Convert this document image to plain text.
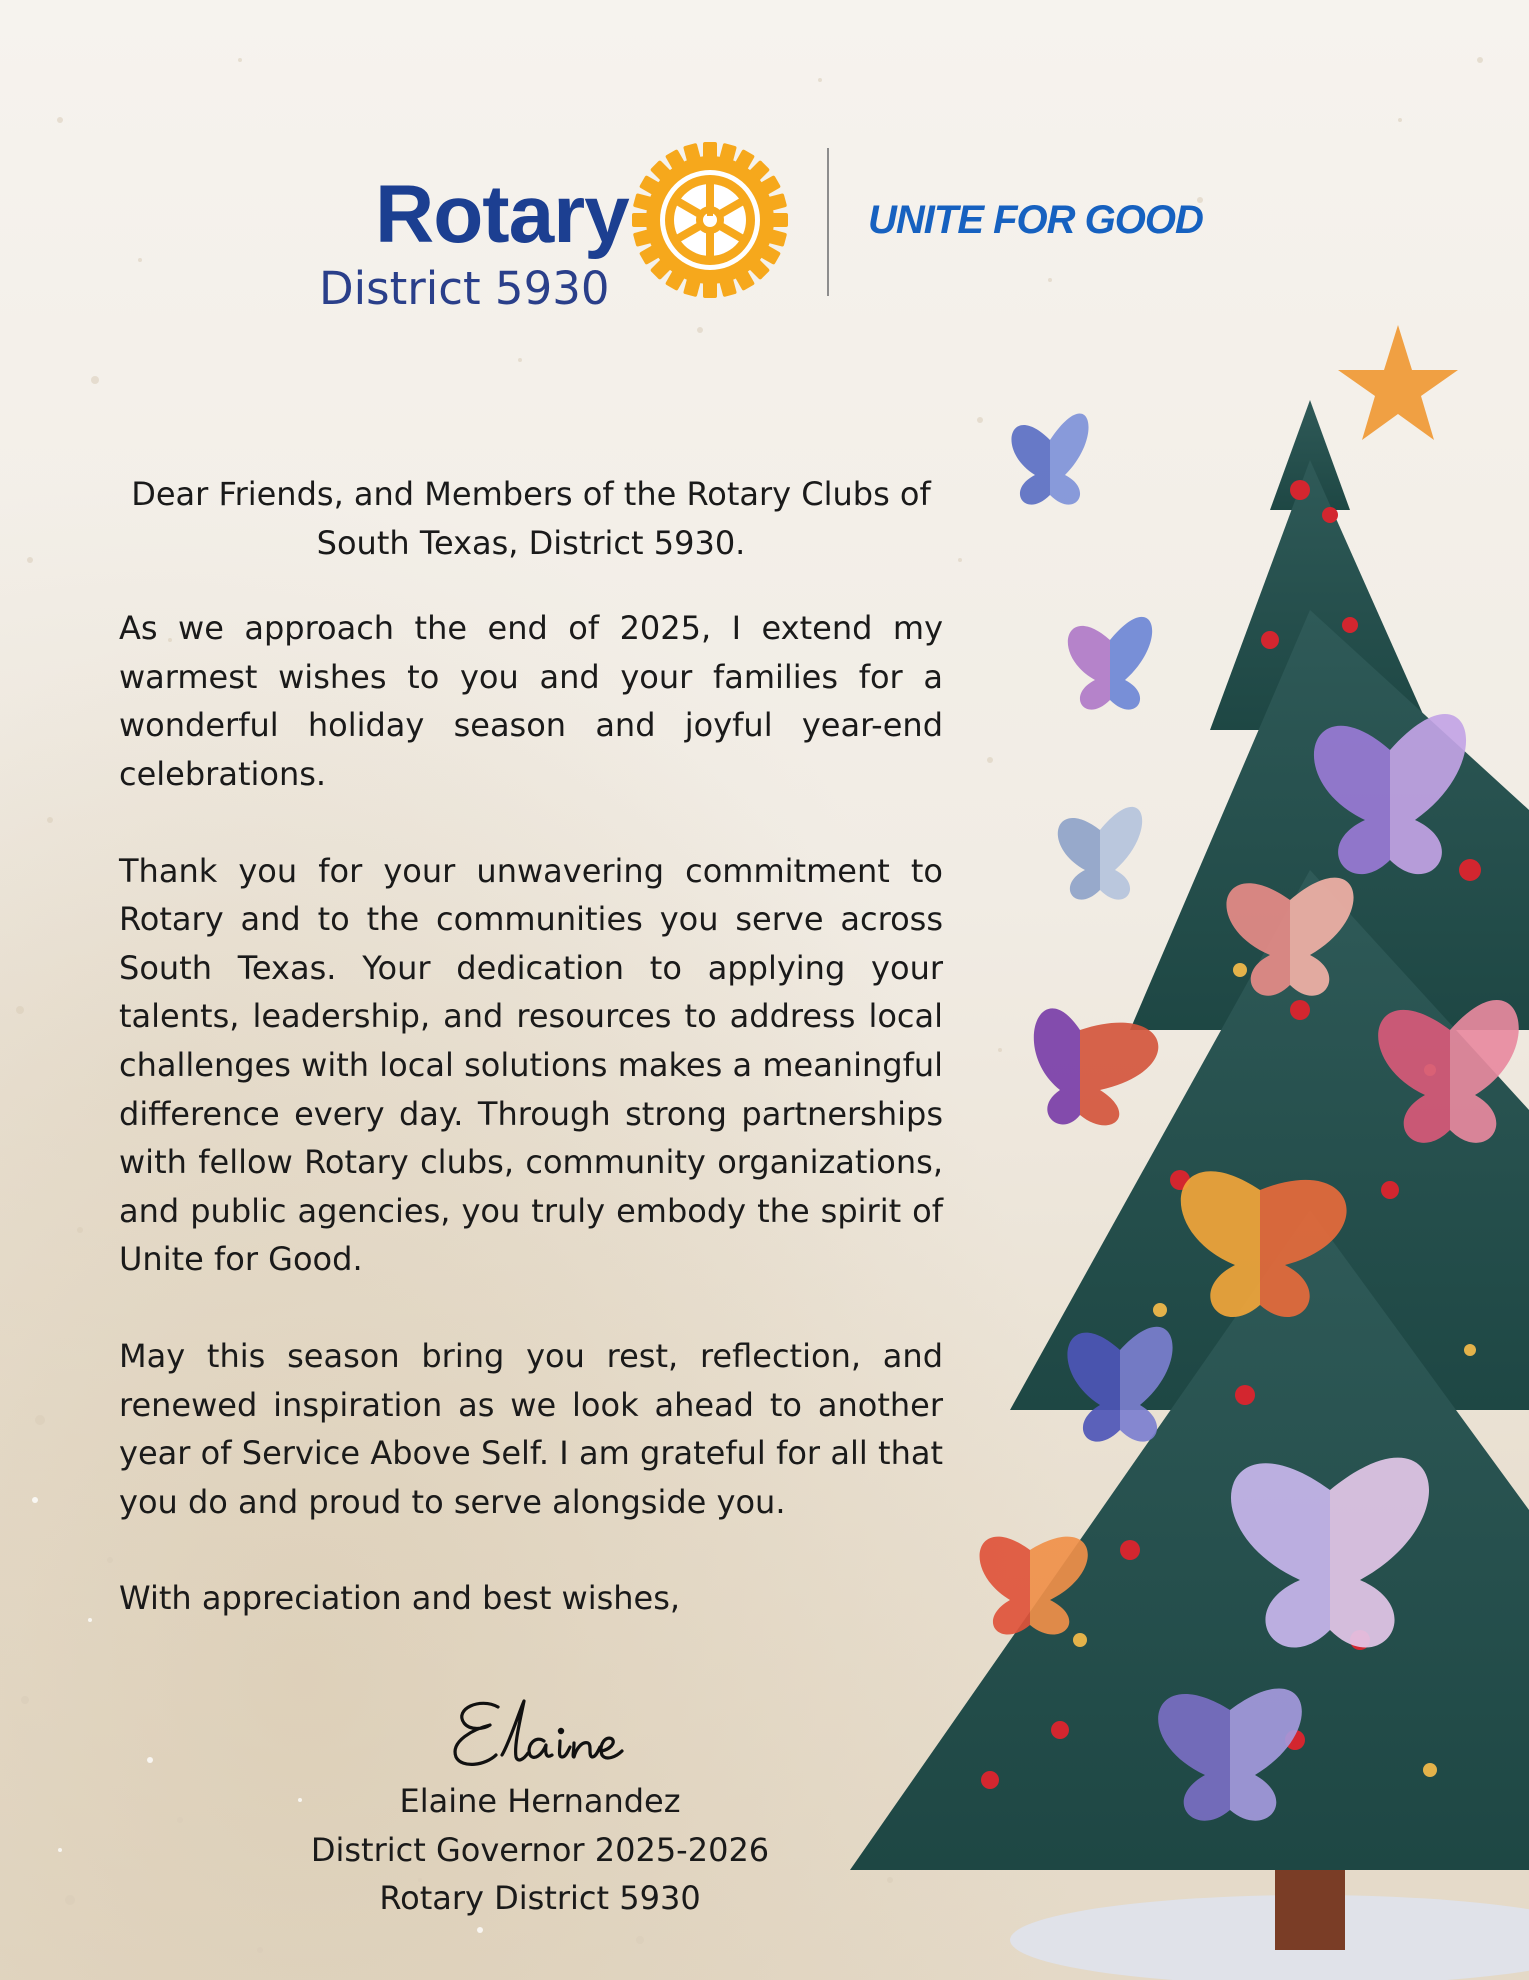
Rotary
District 5930
UNITE FOR GOOD

Dear Friends, and Members of the Rotary Clubs of
South Texas, District 5930.

As we approach the end of 2025, I extend my warmest wishes to you and your families for a wonderful holiday season and joyful year-end celebrations.

Thank you for your unwavering commitment to Rotary and to the communities you serve across South Texas. Your dedication to applying your talents, leadership, and resources to address local challenges with local solutions makes a meaningful difference every day. Through strong partnerships with fellow Rotary clubs, community organizations, and public agencies, you truly embody the spirit of Unite for Good.

May this season bring you rest, reflection, and renewed inspiration as we look ahead to another year of Service Above Self. I am grateful for all that you do and proud to serve alongside you.

With appreciation and best wishes,

Elaine Hernandez
District Governor 2025-2026
Rotary District 5930
